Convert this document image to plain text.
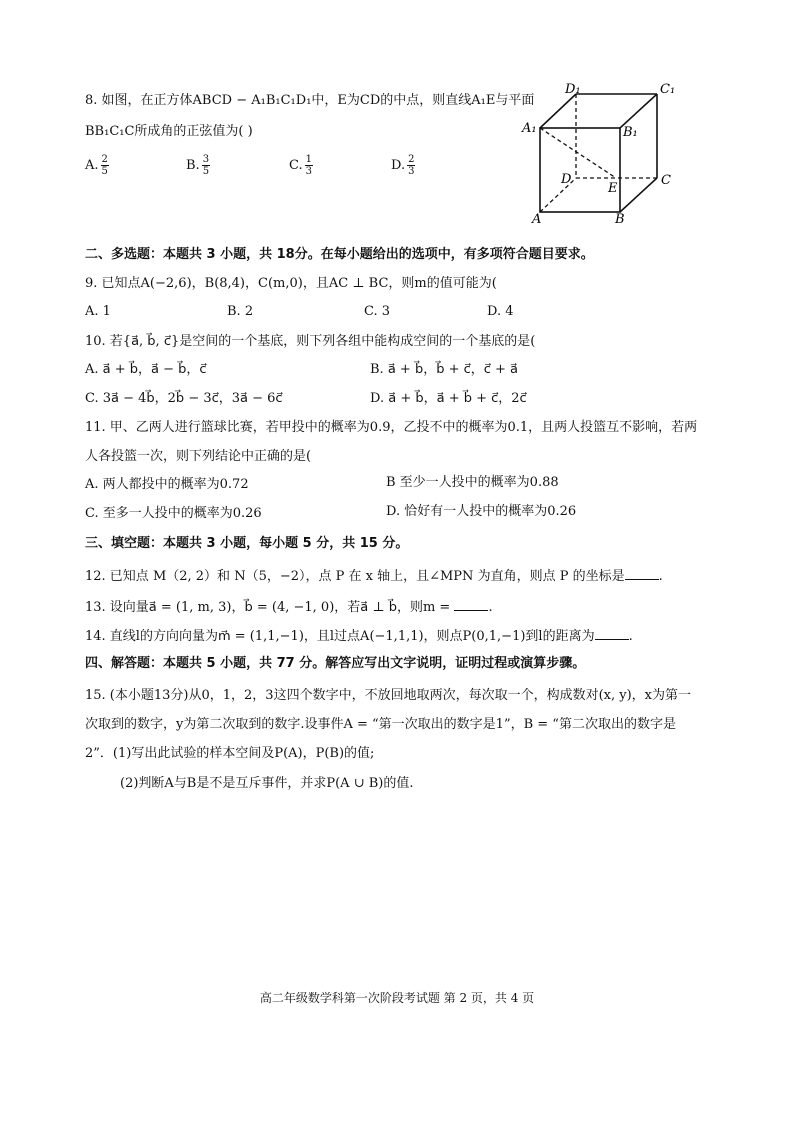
8. 如图，在正方体ABCD − A₁B₁C₁D₁中，E为CD的中点，则直线A₁E与平面
BB₁C₁C所成角的正弦值为( )
A. $\frac{2}{5}$	B. $\frac{3}{5}$	C. $\frac{1}{3}$	D. $\frac{2}{3}$
D₁	C₁
A₁	B₁
D
E
C
A	B
二、多选题：本题共 3 小题，共 18分。在每小题给出的选项中，有多项符合题目要求。
9. 已知点A(−2,6)，B(8,4)，C(m,0)，且AC ⊥ BC，则m的值可能为(
A. 1	B. 2	C. 3	D. 4
10. 若{a⃗, b⃗, c⃗}是空间的一个基底，则下列各组中能构成空间的一个基底的是(
A. a⃗ + b⃗，a⃗ − b⃗，c⃗	B. a⃗ + b⃗，b⃗ + c⃗，c⃗ + a⃗
C. 3a⃗ − 4b⃗，2b⃗ − 3c⃗，3a⃗ − 6c⃗	D. a⃗ + b⃗，a⃗ + b⃗ + c⃗，2c⃗
11. 甲、乙两人进行篮球比赛，若甲投中的概率为0.9，乙投不中的概率为0.1，且两人投篮互不影响，若两
人各投篮一次，则下列结论中正确的是(
A. 两人都投中的概率为0.72	B 至少一人投中的概率为0.88
C. 至多一人投中的概率为0.26	D. 恰好有一人投中的概率为0.26
三、填空题：本题共 3 小题，每小题 5 分，共 15 分。
12. 已知点 M（2, 2）和 N（5，−2），点 P 在 x 轴上，且∠MPN 为直角，则点 P 的坐标是	.
13. 设向量a⃗ = (1, m, 3)，b⃗ = (4, −1, 0)，若a⃗ ⊥ b⃗，则m =	.
14. 直线l的方向向量为m⃗ = (1,1,−1)，且l过点A(−1,1,1)，则点P(0,1,−1)到l的距离为	.
四、解答题：本题共 5 小题，共 77 分。解答应写出文字说明，证明过程或演算步骤。
15. (本小题13分)从0，1，2，3这四个数字中，不放回地取两次，每次取一个，构成数对(x, y)，x为第一
次取到的数字，y为第二次取到的数字.设事件A = “第一次取出的数字是1”，B = “第二次取出的数字是
2”．(1)写出此试验的样本空间及P(A)，P(B)的值;
(2)判断A与B是不是互斥事件，并求P(A ∪ B)的值.
高二年级数学科第一次阶段考试题 第 2 页，共 4 页
